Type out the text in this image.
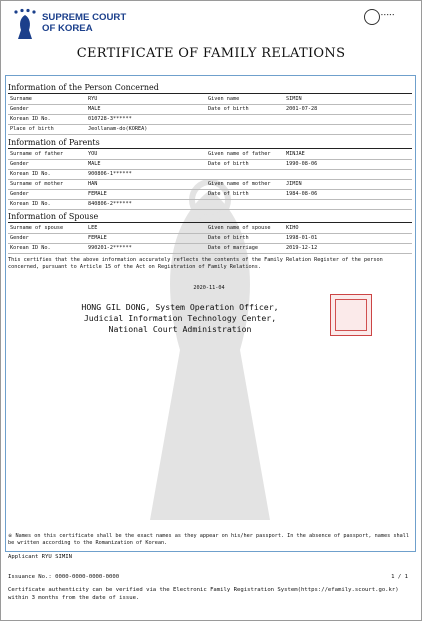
SUPREME COURT
OF KOREA
▪ ▪ ▪ ▪ ▪
CERTIFICATE OF FAMILY RELATIONS
Information of the Person Concerned
Surname	RYU	Given name	SIMIN
Gender	MALE	Date of birth	2001-07-28
Korean ID No.	010728-3******
Place of birth	Jeollanam-do(KOREA)
Information of Parents
Surname of father	YOU	Given name of father	MINJAE
Gender	MALE	Date of birth	1990-08-06
Korean ID No.	900806-1******
Surname of mother	HAN	Given name of mother	JIMIN
Gender	FEMALE	Date of birth	1984-08-06
Korean ID No.	840806-2******
Information of Spouse
Surname of spouse	LEE	Given name of spouse	KIHO
Gender	FEMALE	Date of birth	1998-01-01
Korean ID No.	990201-2******	Date of marriage	2019-12-12
This certifies that the above information accurately reflects the contents of the Family Relation Register of the person concerned, pursuant to Article 15 of the Act on Registration of Family Relations.
2020-11-04
HONG GIL DONG, System Operation Officer,
Judicial Information Technology Center,
National Court Administration
※ Names on this certificate shall be the exact names as they appear on his/her passport. In the absence of passport, names shall be written according to the Romanization of Korean.
Applicant RYU SIMIN
Issuance No.: 0000-0000-0000-0000	1 / 1
Certificate authenticity can be verified via the Electronic Family Registration System(https://efamily.scourt.go.kr) within 3 months from the date of issue.
